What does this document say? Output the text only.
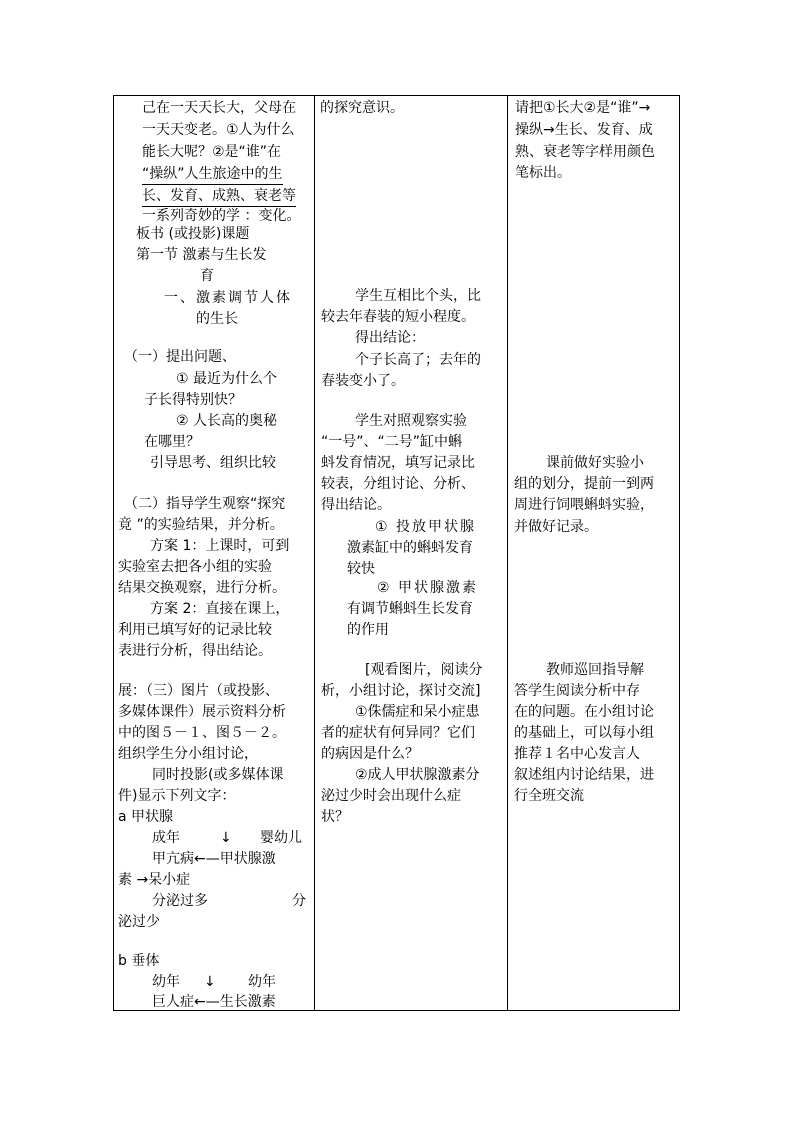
己在一天天长大，父母在
一天天变老。①人为什么
能长大呢？②是“谁”在
“操纵”人生旅途中的生
长、发育、成熟、衰老等
一系列奇妙的学 ：变化。
板书 (或投影)课题
第一节 激素与生长发
育
一、激素调节人体
的生长
（一）提出问题、
① 最近为什么个
子长得特别快？
② 人长高的奥秘
在哪里？
引导思考、组织比较
（二）指导学生观察“探究
竟 ”的实验结果，并分析。
方案 1：上课时，可到
实验室去把各小组的实验
结果交换观察，进行分析。
方案 2：直接在课上，
利用已填写好的记录比较
表进行分析，得出结论。
展：（三）图片（或投影、
多媒体课件）展示资料分析
中的图５－１、图５－２。
组织学生分小组讨论，
同时投影(或多媒体课
件)显示下列文字：
a 甲状腺
成年	↓ 婴幼儿
甲亢病←—甲状腺激
素 →呆小症
分泌过多	分
泌过少
b 垂体
幼年 ↓ 幼年
巨人症←—生长激素
的探究意识。
学生互相比个头，比
较去年春装的短小程度。
得出结论：
个子长高了；去年的
春装变小了。
学生对照观察实验
“一号”、“二号”缸中蝌
蚪发育情况，填写记录比
较表，分组讨论、分析、
得出结论。
① 投放甲状腺
激素缸中的蝌蚪发育
较快
② 甲状腺激素
有调节蝌蚪生长发育
的作用
[观看图片，阅读分
析，小组讨论，探讨交流]
①侏儒症和呆小症患
者的症状有何异同？它们
的病因是什么？
②成人甲状腺激素分
泌过少时会出现什么症
状？
请把①长大②是“谁”→
操纵→生长、发育、成
熟、衰老等字样用颜色
笔标出。
课前做好实验小
组的划分，提前一到两
周进行饲喂蝌蚪实验，
并做好记录。
教师巡回指导解
答学生阅读分析中存
在的问题。在小组讨论
的基础上，可以每小组
推荐１名中心发言人
叙述组内讨论结果，进
行全班交流
